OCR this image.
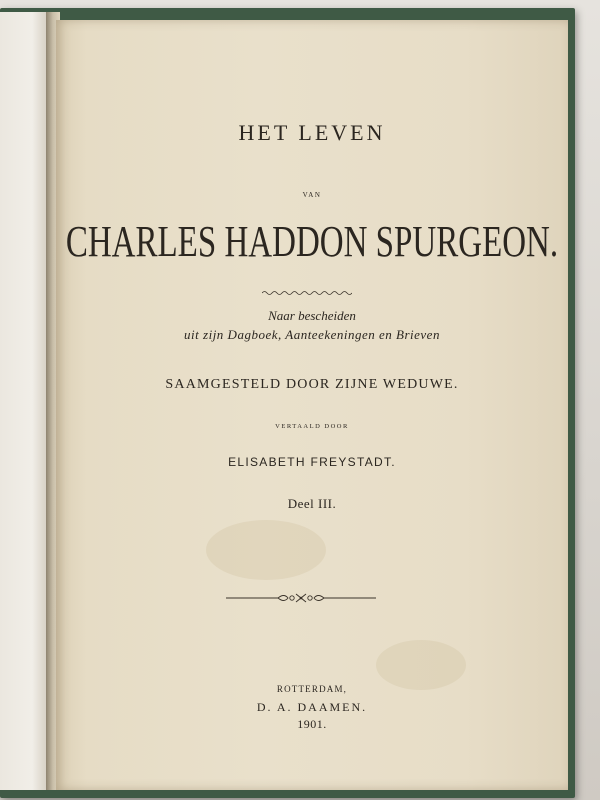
HET LEVEN
VAN
CHARLES HADDON SPURGEON.
Naar bescheiden
uit zijn Dagboek, Aanteekeningen en Brieven
SAAMGESTELD DOOR ZIJNE WEDUWE.
VERTAALD DOOR
ELISABETH FREYSTADT.
Deel III.
ROTTERDAM,
D. A. DAAMEN.
1901.
